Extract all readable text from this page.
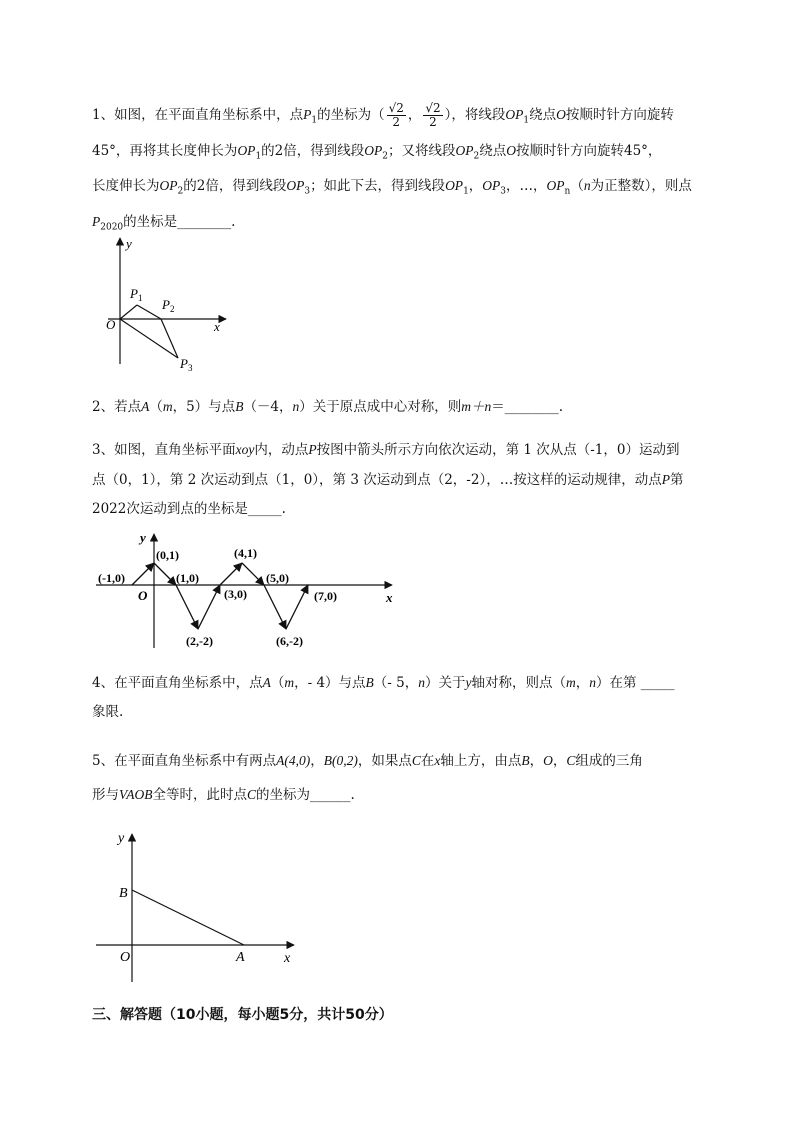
1、如图，在平面直角坐标系中，点$P_1$的坐标为（ $\frac{√2}{2}$ ， $\frac{√2}{2}$ ），将线段$OP_1$绕点O按顺时针方向旋转

45°，再将其长度伸长为$OP_1$的2倍，得到线段$OP_2$；又将线段$OP_2$绕点O按顺时针方向旋转45°，

长度伸长为$OP_2$的2倍，得到线段$OP_3$；如此下去，得到线段$OP_1$，$OP_3$，…，$OP_n(n$为正整数），则点

$P_{2020}$的坐标是________.

y
x
O
$P_1$ $P_2$
$P_3$

2、若点A（m，5）与点B（－4，n）关于原点成中心对称，则m＋n＝________.

3、如图，直角坐标平面xoy内，动点P按图中箭头所示方向依次运动，第 1 次从点（-1，0）运动到

点（0，1），第 2 次运动到点（1，0），第 3 次运动到点（2，-2），…按这样的运动规律，动点P第

2022次运动到点的坐标是_____.

y
x
O
(0,1)
(-1,0)	(1,0)
(2,-2)
(3,0)
(4,1)
(5,0)
(6,-2)
(7,0)

4、在平面直角坐标系中，点A（m，- 4）与点B（- 5，n）关于y轴对称，则点（m，n）在第 _____

象限.

5、在平面直角坐标系中有两点A(4,0)，B(0,2)，如果点C在x轴上方，由点B，O，C组成的三角

形与VAOB全等时，此时点C的坐标为______.

y
x
O	A
B
三、解答题（10小题，每小题5分，共计50分）
